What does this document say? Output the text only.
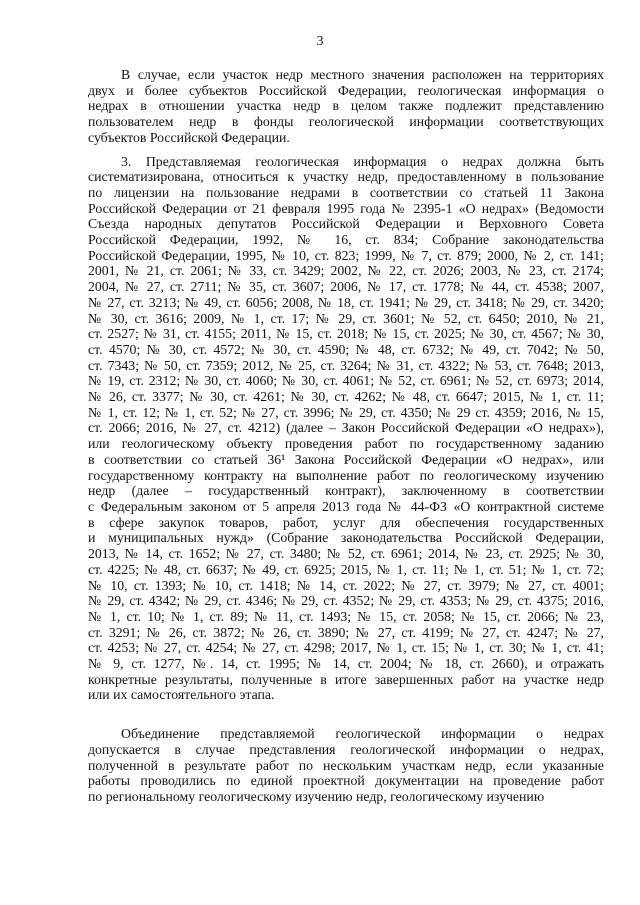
3
В случае, если участок недр местного значения расположен на территориях
двух и более субъектов Российской Федерации, геологическая информация о
недрах в отношении участка недр в целом также подлежит представлению
пользователем недр в фонды геологической информации соответствующих
субъектов Российской Федерации.
3. Представляемая геологическая информация о недрах должна быть
систематизирована, относиться к участку недр, предоставленному в пользование
по лицензии на пользование недрами в соответствии со статьей 11 Закона
Российской Федерации от 21 февраля 1995 года № 2395-1 «О недрах» (Ведомости
Съезда народных депутатов Российской Федерации и Верховного Совета
Российской Федерации, 1992, № 16, ст. 834; Собрание законодательства
Российской Федерации, 1995, № 10, ст. 823; 1999, № 7, ст. 879; 2000, № 2, ст. 141;
2001, № 21, ст. 2061; № 33, ст. 3429; 2002, № 22, ст. 2026; 2003, № 23, ст. 2174;
2004, № 27, ст. 2711; № 35, ст. 3607; 2006, № 17, ст. 1778; № 44, ст. 4538; 2007,
№ 27, ст. 3213; № 49, ст. 6056; 2008, № 18, ст. 1941; № 29, ст. 3418; № 29, ст. 3420;
№ 30, ст. 3616; 2009, № 1, ст. 17; № 29, ст. 3601; № 52, ст. 6450; 2010, № 21,
ст. 2527; № 31, ст. 4155; 2011, № 15, ст. 2018; № 15, ст. 2025; № 30, ст. 4567; № 30,
ст. 4570; № 30, ст. 4572; № 30, ст. 4590; № 48, ст. 6732; № 49, ст. 7042; № 50,
ст. 7343; № 50, ст. 7359; 2012, № 25, ст. 3264; № 31, ст. 4322; № 53, ст. 7648; 2013,
№ 19, ст. 2312; № 30, ст. 4060; № 30, ст. 4061; № 52, ст. 6961; № 52, ст. 6973; 2014,
№ 26, ст. 3377; № 30, ст. 4261; № 30, ст. 4262; № 48, ст. 6647; 2015, № 1, ст. 11;
№ 1, ст. 12; № 1, ст. 52; № 27, ст. 3996; № 29, ст. 4350; № 29 ст. 4359; 2016, № 15,
ст. 2066; 2016, № 27, ст. 4212) (далее – Закон Российской Федерации «О недрах»),
или геологическому объекту проведения работ по государственному заданию
в соответствии со статьей 36¹ Закона Российской Федерации «О недрах», или
государственному контракту на выполнение работ по геологическому изучению
недр (далее – государственный контракт), заключенному в соответствии
с Федеральным законом от 5 апреля 2013 года № 44-ФЗ «О контрактной системе
в сфере закупок товаров, работ, услуг для обеспечения государственных
и муниципальных нужд» (Собрание законодательства Российской Федерации,
2013, № 14, ст. 1652; № 27, ст. 3480; № 52, ст. 6961; 2014, № 23, ст. 2925; № 30,
ст. 4225; № 48, ст. 6637; № 49, ст. 6925; 2015, № 1, ст. 11; № 1, ст. 51; № 1, ст. 72;
№ 10, ст. 1393; № 10, ст. 1418; № 14, ст. 2022; № 27, ст. 3979; № 27, ст. 4001;
№ 29, ст. 4342; № 29, ст. 4346; № 29, ст. 4352; № 29, ст. 4353; № 29, ст. 4375; 2016,
№ 1, ст. 10; № 1, ст. 89; № 11, ст. 1493; № 15, ст. 2058; № 15, ст. 2066; № 23,
ст. 3291; № 26, ст. 3872; № 26, ст. 3890; № 27, ст. 4199; № 27, ст. 4247; № 27,
ст. 4253; № 27, ст. 4254; № 27, ст. 4298; 2017, № 1, ст. 15; № 1, ст. 30; № 1, ст. 41;
№ 9, ст. 1277, №. 14, ст. 1995; № 14, ст. 2004; № 18, ст. 2660), и отражать
конкретные результаты, полученные в итоге завершенных работ на участке недр
или их самостоятельного этапа.
Объединение представляемой геологической информации о недрах
допускается в случае представления геологической информации о недрах,
полученной в результате работ по нескольким участкам недр, если указанные
работы проводились по единой проектной документации на проведение работ
по региональному геологическому изучению недр, геологическому изучению
